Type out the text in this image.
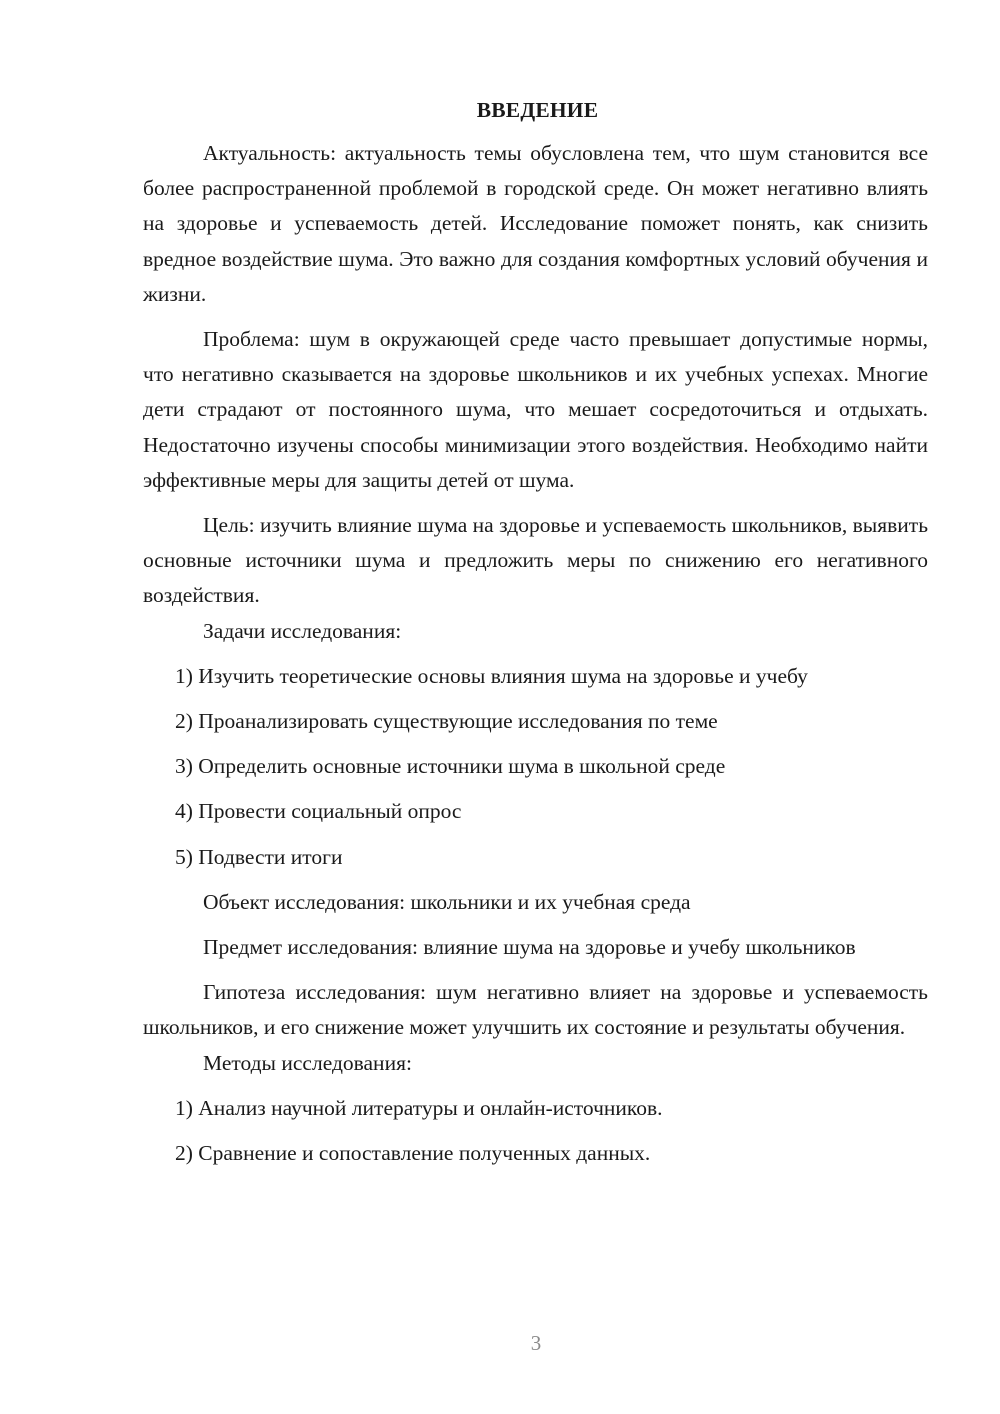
ВВЕДЕНИЕ

Актуальность: актуальность темы обусловлена тем, что шум становится все более распространенной проблемой в городской среде. Он может негативно влиять на здоровье и успеваемость детей. Исследование поможет понять, как снизить вредное воздействие шума. Это важно для создания комфортных условий обучения и жизни.

Проблема: шум в окружающей среде часто превышает допустимые нормы, что негативно сказывается на здоровье школьников и их учебных успехах. Многие дети страдают от постоянного шума, что мешает сосредоточиться и отдыхать. Недостаточно изучены способы минимизации этого воздействия. Необходимо найти эффективные меры для защиты детей от шума.

Цель: изучить влияние шума на здоровье и успеваемость школьников, выявить основные источники шума и предложить меры по снижению его негативного воздействия.

Задачи исследования:

1) Изучить теоретические основы влияния шума на здоровье и учебу

2) Проанализировать существующие исследования по теме

3) Определить основные источники шума в школьной среде

4) Провести социальный опрос

5) Подвести итоги

Объект исследования: школьники и их учебная среда

Предмет исследования: влияние шума на здоровье и учебу школьников

Гипотеза исследования: шум негативно влияет на здоровье и успеваемость школьников, и его снижение может улучшить их состояние и результаты обучения.

Методы исследования:

1) Анализ научной литературы и онлайн-источников.

2) Сравнение и сопоставление полученных данных.

3
